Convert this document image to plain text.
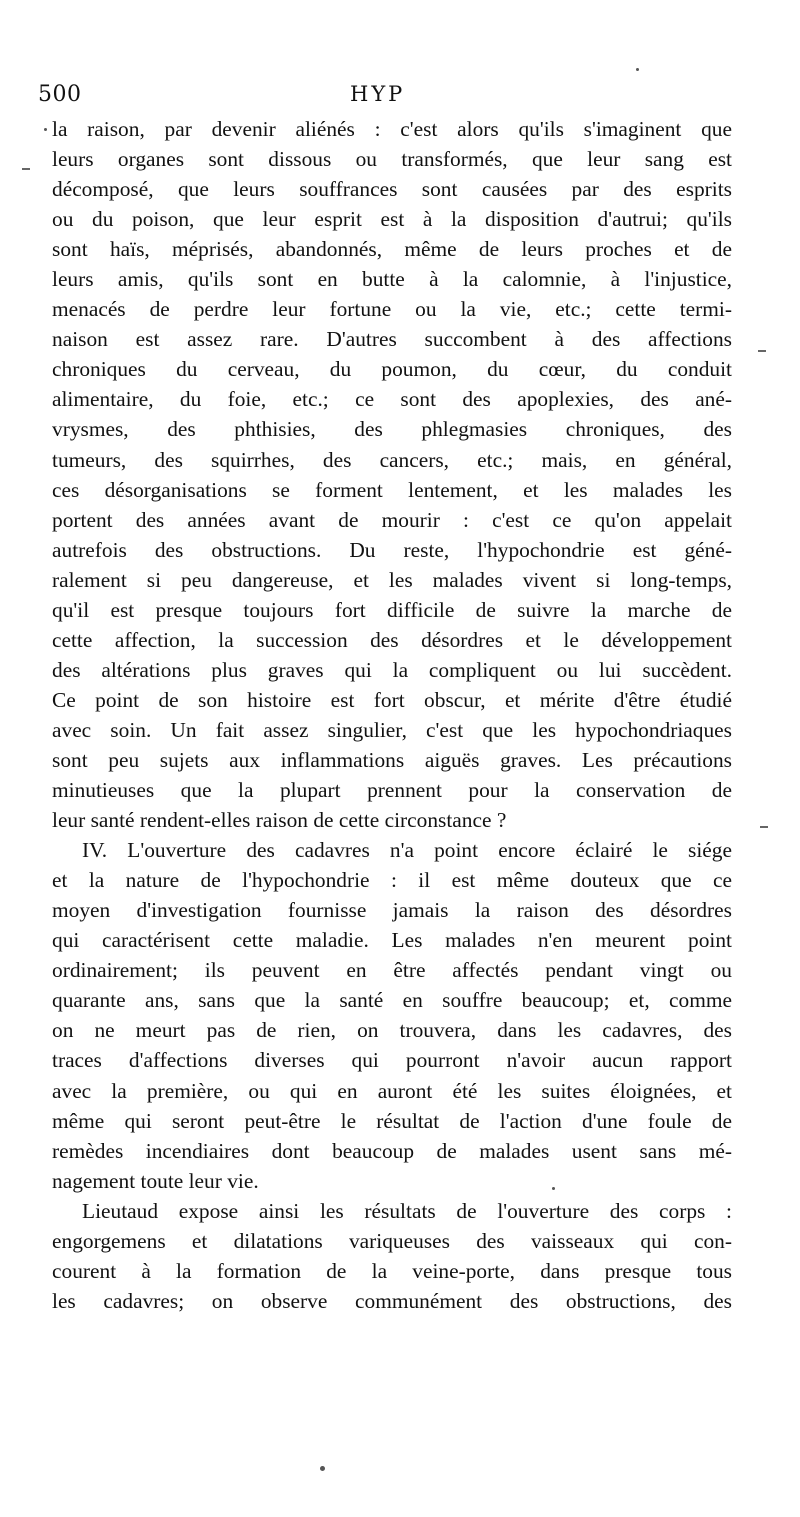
500	HYP
la raison, par devenir aliénés : c'est alors qu'ils s'imaginent que
leurs organes sont dissous ou transformés, que leur sang est
décomposé, que leurs souffrances sont causées par des esprits
ou du poison, que leur esprit est à la disposition d'autrui; qu'ils
sont haïs, méprisés, abandonnés, même de leurs proches et de
leurs amis, qu'ils sont en butte à la calomnie, à l'injustice,
menacés de perdre leur fortune ou la vie, etc.; cette termi-
naison est assez rare. D'autres succombent à des affections
chroniques du cerveau, du poumon, du cœur, du conduit
alimentaire, du foie, etc.; ce sont des apoplexies, des ané-
vrysmes, des phthisies, des phlegmasies chroniques, des
tumeurs, des squirrhes, des cancers, etc.; mais, en général,
ces désorganisations se forment lentement, et les malades les
portent des années avant de mourir : c'est ce qu'on appelait
autrefois des obstructions. Du reste, l'hypochondrie est géné-
ralement si peu dangereuse, et les malades vivent si long-temps,
qu'il est presque toujours fort difficile de suivre la marche de
cette affection, la succession des désordres et le développement
des altérations plus graves qui la compliquent ou lui succèdent.
Ce point de son histoire est fort obscur, et mérite d'être étudié
avec soin. Un fait assez singulier, c'est que les hypochondriaques
sont peu sujets aux inflammations aiguës graves. Les précautions
minutieuses que la plupart prennent pour la conservation de
leur santé rendent-elles raison de cette circonstance ?
IV. L'ouverture des cadavres n'a point encore éclairé le siége
et la nature de l'hypochondrie : il est même douteux que ce
moyen d'investigation fournisse jamais la raison des désordres
qui caractérisent cette maladie. Les malades n'en meurent point
ordinairement; ils peuvent en être affectés pendant vingt ou
quarante ans, sans que la santé en souffre beaucoup; et, comme
on ne meurt pas de rien, on trouvera, dans les cadavres, des
traces d'affections diverses qui pourront n'avoir aucun rapport
avec la première, ou qui en auront été les suites éloignées, et
même qui seront peut-être le résultat de l'action d'une foule de
remèdes incendiaires dont beaucoup de malades usent sans mé-
nagement toute leur vie.
Lieutaud expose ainsi les résultats de l'ouverture des corps :
engorgemens et dilatations variqueuses des vaisseaux qui con-
courent à la formation de la veine-porte, dans presque tous
les cadavres; on observe communément des obstructions, des
